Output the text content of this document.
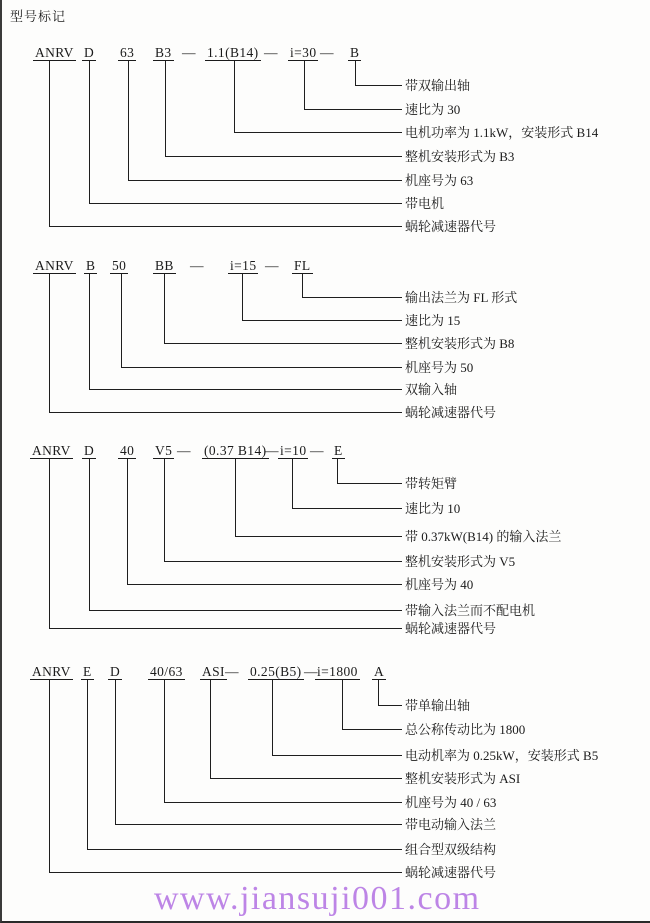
型号标记
ANRV D 63 B3 — 1.1(B14) — i=30 — B
带双输出轴
速比为 30
电机功率为 1.1kW，安装形式 B14
整机安装形式为 B3
机座号为 63
带电机
蜗轮减速器代号
ANRV B 50 BB — i=15 — FL
输出法兰为 FL 形式
速比为 15
整机安装形式为 B8
机座号为 50
双输入轴
蜗轮减速器代号
ANRV D 40 V5 — (0.37 B14)
— i=10 — E
带转矩臂
速比为 10
带 0.37kW(B14) 的输入法兰
整机安装形式为 V5
机座号为 40
带输入法兰而不配电机
蜗轮减速器代号
ANRV E D 40/63 ASI — 0.25(B5) — i=1800 A
带单输出轴
总公称传动比为 1800
电动机率为 0.25kW，安装形式 B5
整机安装形式为 ASI
机座号为 40 / 63
带电动输入法兰
组合型双级结构
蜗轮减速器代号
www.jiansuji001.com
